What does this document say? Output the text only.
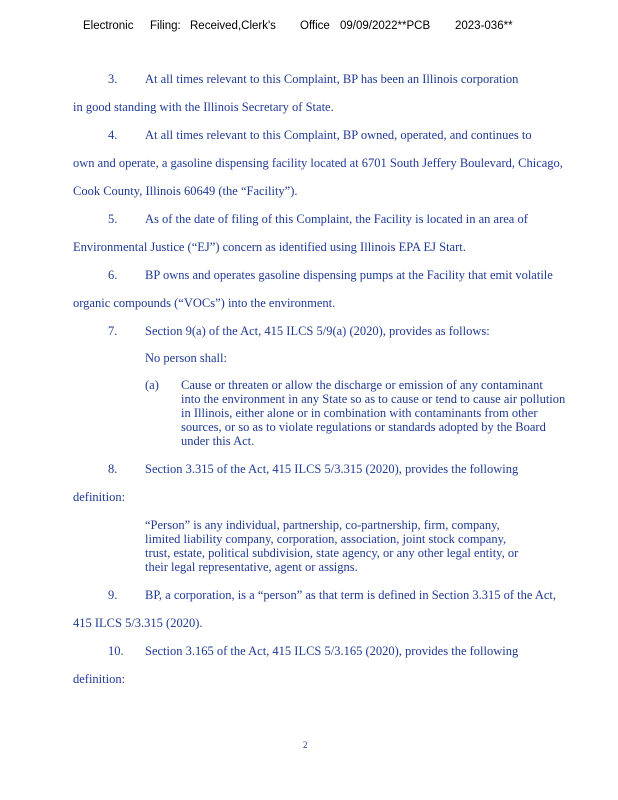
Electronic Filing: Received,Clerk's Office 09/09/2022**PCB 2023-036**
3. At all times relevant to this Complaint, BP has been an Illinois corporation
in good standing with the Illinois Secretary of State.
4. At all times relevant to this Complaint, BP owned, operated, and continues to
own and operate, a gasoline dispensing facility located at 6701 South Jeffery Boulevard, Chicago,
Cook County, Illinois 60649 (the “Facility”).
5. As of the date of filing of this Complaint, the Facility is located in an area of
Environmental Justice (“EJ”) concern as identified using Illinois EPA EJ Start.
6. BP owns and operates gasoline dispensing pumps at the Facility that emit volatile
organic compounds (“VOCs”) into the environment.
7. Section 9(a) of the Act, 415 ILCS 5/9(a) (2020), provides as follows:
No person shall:
(a) Cause or threaten or allow the discharge or emission of any contaminant

into the environment in any State so as to cause or tend to cause air pollution

in Illinois, either alone or in combination with contaminants from other

sources, or so as to violate regulations or standards adopted by the Board

under this Act.

8. Section 3.315 of the Act, 415 ILCS 5/3.315 (2020), provides the following
definition:

“Person” is any individual, partnership, co-partnership, firm, company,

limited liability company, corporation, association, joint stock company,

trust, estate, political subdivision, state agency, or any other legal entity, or

their legal representative, agent or assigns.

9. BP, a corporation, is a “person” as that term is defined in Section 3.315 of the Act,
415 ILCS 5/3.315 (2020).
10. Section 3.165 of the Act, 415 ILCS 5/3.165 (2020), provides the following
definition:
2
